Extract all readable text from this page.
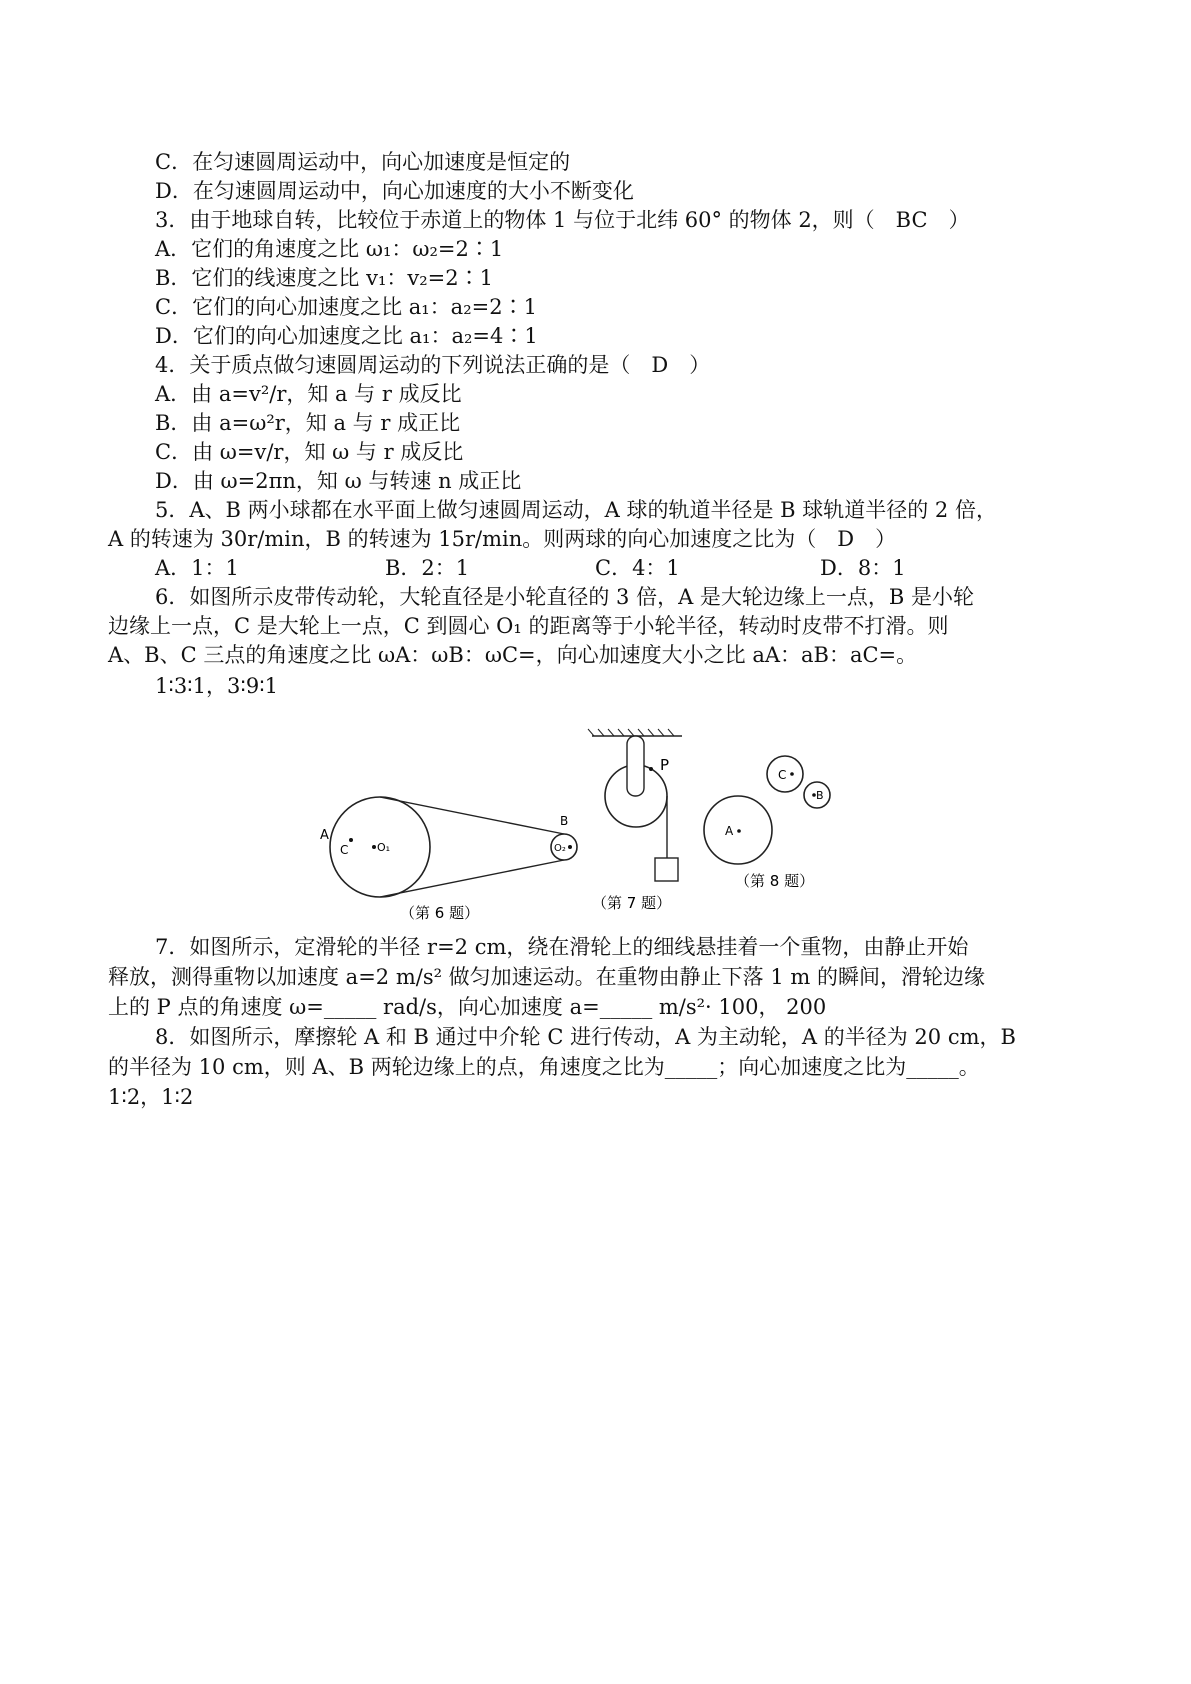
C．在匀速圆周运动中，向心加速度是恒定的
D．在匀速圆周运动中，向心加速度的大小不断变化
3．由于地球自转，比较位于赤道上的物体 1 与位于北纬 60° 的物体 2，则（　BC　）
A．它们的角速度之比 ω₁：ω₂=2∶1
B．它们的线速度之比 v₁：v₂=2∶1
C．它们的向心加速度之比 a₁：a₂=2∶1
D．它们的向心加速度之比 a₁：a₂=4∶1
4．关于质点做匀速圆周运动的下列说法正确的是（　D　）
A．由 a=v²/r，知 a 与 r 成反比
B．由 a=ω²r，知 a 与 r 成正比
C．由 ω=v/r，知 ω 与 r 成反比
D．由 ω=2πn，知 ω 与转速 n 成正比
5．A、B 两小球都在水平面上做匀速圆周运动，A 球的轨道半径是 B 球轨道半径的 2 倍，
A 的转速为 30r/min，B 的转速为 15r/min。则两球的向心加速度之比为（　D　）
A．1：1	B．2：1	C．4：1	D．8：1
6．如图所示皮带传动轮，大轮直径是小轮直径的 3 倍，A 是大轮边缘上一点，B 是小轮
边缘上一点，C 是大轮上一点，C 到圆心 O₁ 的距离等于小轮半径，转动时皮带不打滑。则
A、B、C 三点的角速度之比 ωA：ωB：ωC=，向心加速度大小之比 aA：aB：aC=。
1∶3∶1，3∶9∶1
A
C	O₁	O₂
B
（第 6 题）
P
（第 7 题）
A
C
B
（第 8 题）
7．如图所示，定滑轮的半径 r=2 cm，绕在滑轮上的细线悬挂着一个重物，由静止开始
释放，测得重物以加速度 a=2 m/s² 做匀加速运动。在重物由静止下落 1 m 的瞬间，滑轮边缘
上的 P 点的角速度 ω=_____ rad/s，向心加速度 a=_____ m/s²· 100， 200
8．如图所示，摩擦轮 A 和 B 通过中介轮 C 进行传动，A 为主动轮，A 的半径为 20 cm，B
的半径为 10 cm，则 A、B 两轮边缘上的点，角速度之比为_____；向心加速度之比为_____。
1∶2，1∶2
